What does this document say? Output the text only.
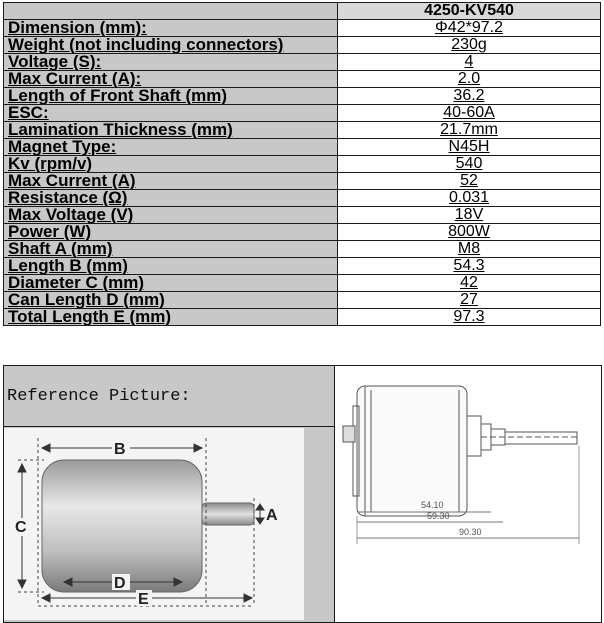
	4250-KV540
Dimension (mm):	Φ42*97.2
Weight (not including connectors)	230g
Voltage (S):	4
Max Current (A):	2.0
Length of Front Shaft (mm)	36.2
ESC:	40-60A
Lamination Thickness (mm)	21.7mm
Magnet Type:	N45H
Kv (rpm/v)	540
Max Current (A)	52
Resistance (Ω)	0.031
Max Voltage (V)	18V
Power (W)	800W
Shaft A (mm)	M8
Length B (mm)	54.3
Diameter C (mm)	42
Can Length D (mm)	27
Total Length E (mm)	97.3
Reference Picture:
B
C
D
E
A
54.10
59.30
90.30
